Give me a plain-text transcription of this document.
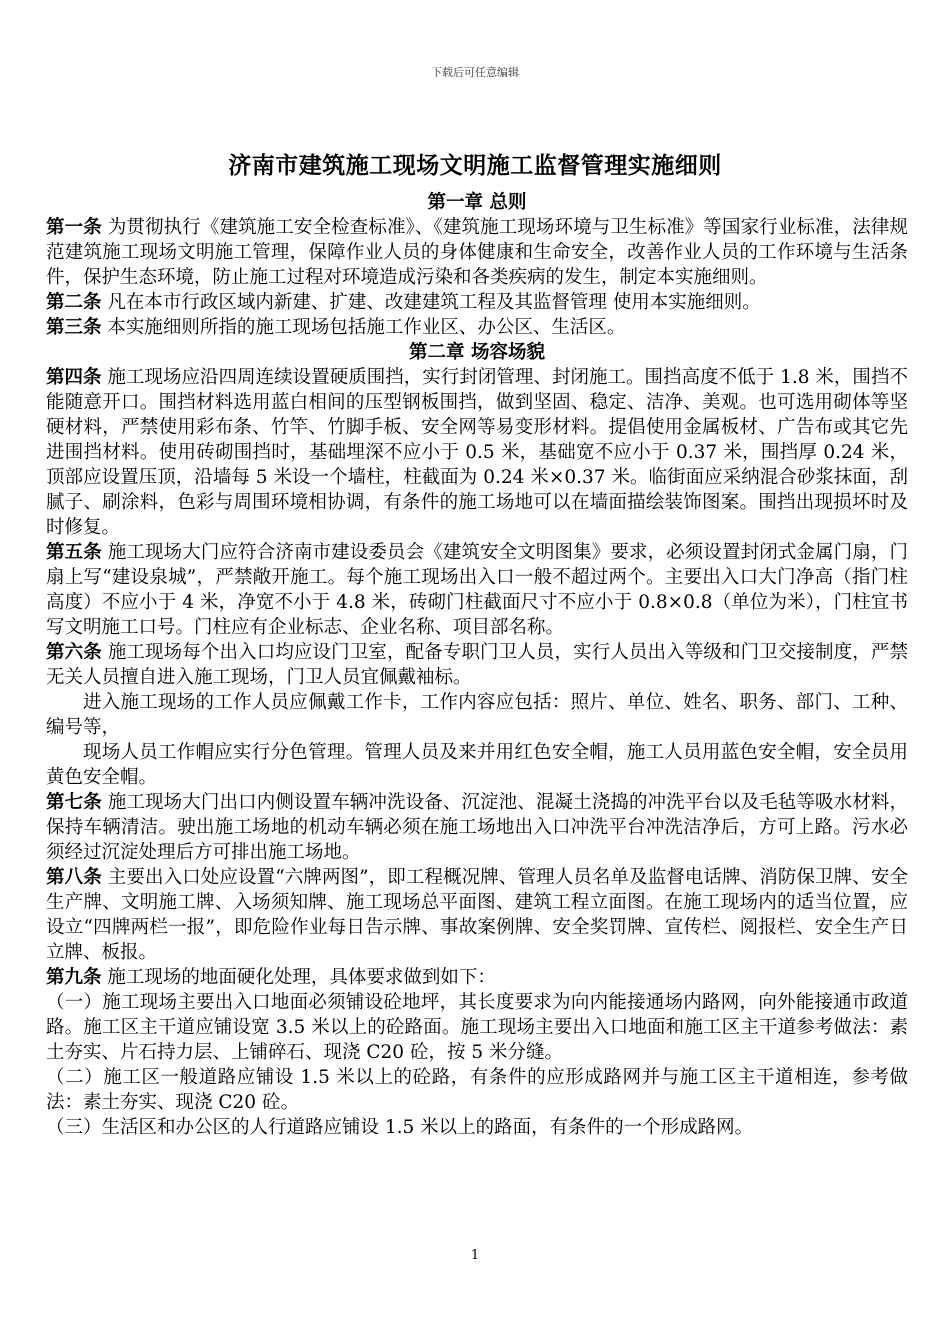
下载后可任意编辑
济南市建筑施工现场文明施工监督管理实施细则

第一章 总则

第一条 为贯彻执行《建筑施工安全检查标准》、《建筑施工现场环境与卫生标准》等国家行业标准，法律规范建筑施工现场文明施工管理，保障作业人员的身体健康和生命安全，改善作业人员的工作环境与生活条件，保护生态环境，防止施工过程对环境造成污染和各类疾病的发生，制定本实施细则。

第二条 凡在本市行政区域内新建、扩建、改建建筑工程及其监督管理 使用本实施细则。

第三条 本实施细则所指的施工现场包括施工作业区、办公区、生活区。

第二章 场容场貌

第四条 施工现场应沿四周连续设置硬质围挡，实行封闭管理、封闭施工。围挡高度不低于 1.8 米，围挡不能随意开口。围挡材料选用蓝白相间的压型钢板围挡，做到坚固、稳定、洁净、美观。也可选用砌体等坚硬材料，严禁使用彩布条、竹竿、竹脚手板、安全网等易变形材料。提倡使用金属板材、广告布或其它先进围挡材料。使用砖砌围挡时，基础埋深不应小于 0.5 米，基础宽不应小于 0.37 米，围挡厚 0.24 米，顶部应设置压顶，沿墙每 5 米设一个墙柱，柱截面为 0.24 米×0.37 米。临街面应采纳混合砂浆抹面，刮腻子、刷涂料，色彩与周围环境相协调，有条件的施工场地可以在墙面描绘装饰图案。围挡出现损坏时及时修复。

第五条 施工现场大门应符合济南市建设委员会《建筑安全文明图集》要求，必须设置封闭式金属门扇，门扇上写“建设泉城”，严禁敞开施工。每个施工现场出入口一般不超过两个。主要出入口大门净高（指门柱高度）不应小于 4 米，净宽不小于 4.8 米，砖砌门柱截面尺寸不应小于 0.8×0.8（单位为米），门柱宜书写文明施工口号。门柱应有企业标志、企业名称、项目部名称。

第六条 施工现场每个出入口均应设门卫室，配备专职门卫人员，实行人员出入等级和门卫交接制度，严禁无关人员擅自进入施工现场，门卫人员宜佩戴袖标。

进入施工现场的工作人员应佩戴工作卡，工作内容应包括：照片、单位、姓名、职务、部门、工种、编号等，

现场人员工作帽应实行分色管理。管理人员及来并用红色安全帽，施工人员用蓝色安全帽，安全员用黄色安全帽。

第七条 施工现场大门出口内侧设置车辆冲洗设备、沉淀池、混凝土浇捣的冲洗平台以及毛毡等吸水材料，保持车辆清洁。驶出施工场地的机动车辆必须在施工场地出入口冲洗平台冲洗洁净后，方可上路。污水必须经过沉淀处理后方可排出施工场地。

第八条 主要出入口处应设置“六牌两图”，即工程概况牌、管理人员名单及监督电话牌、消防保卫牌、安全生产牌、文明施工牌、入场须知牌、施工现场总平面图、建筑工程立面图。在施工现场内的适当位置，应设立“四牌两栏一报”，即危险作业每日告示牌、事故案例牌、安全奖罚牌、宣传栏、阅报栏、安全生产日立牌、板报。

第九条 施工现场的地面硬化处理，具体要求做到如下：

（一）施工现场主要出入口地面必须铺设砼地坪，其长度要求为向内能接通场内路网，向外能接通市政道路。施工区主干道应铺设宽 3.5 米以上的砼路面。施工现场主要出入口地面和施工区主干道参考做法：素土夯实、片石持力层、上铺碎石、现浇 C20 砼，按 5 米分缝。

（二）施工区一般道路应铺设 1.5 米以上的砼路，有条件的应形成路网并与施工区主干道相连，参考做法：素土夯实、现浇 C20 砼。

（三）生活区和办公区的人行道路应铺设 1.5 米以上的路面，有条件的一个形成路网。

1
